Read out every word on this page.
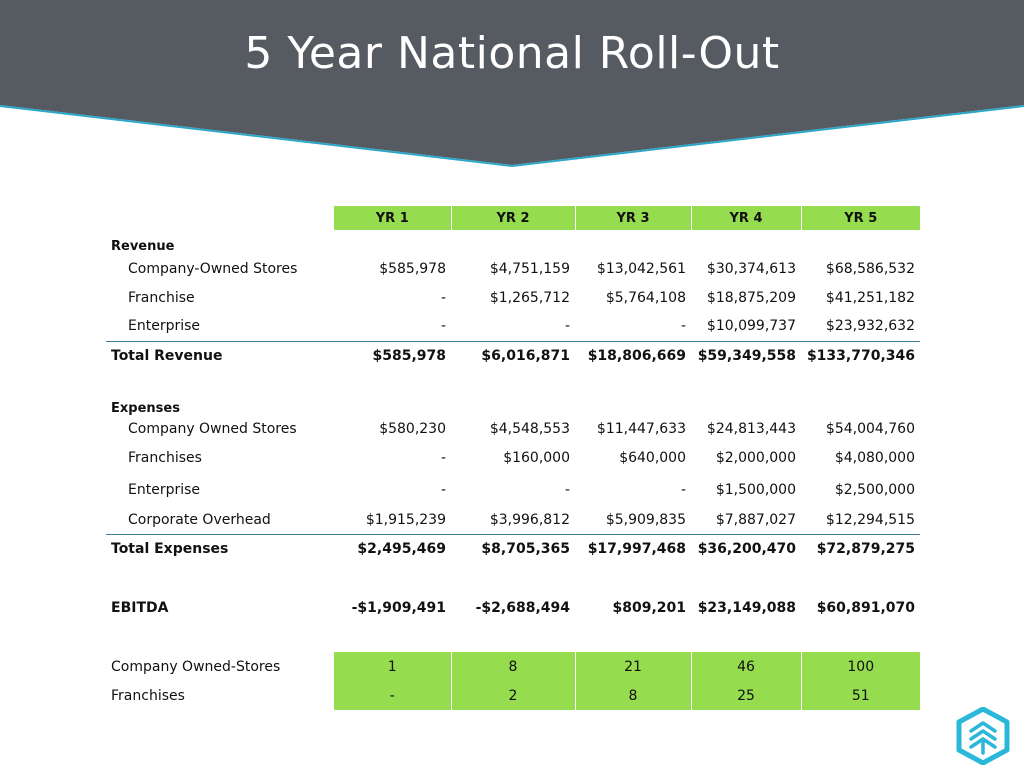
5 Year National Roll-Out
	YR 1	YR 2	YR 3	YR 4	YR 5
Revenue					
Company-Owned Stores	$585,978	$4,751,159	$13,042,561	$30,374,613	$68,586,532
Franchise	-	$1,265,712	$5,764,108	$18,875,209	$41,251,182
Enterprise	-	-	-	$10,099,737	$23,932,632
Total Revenue	$585,978	$6,016,871	$18,806,669	$59,349,558	$133,770,346

Expenses					
Company Owned Stores	$580,230	$4,548,553	$11,447,633	$24,813,443	$54,004,760
Franchises	-	$160,000	$640,000	$2,000,000	$4,080,000
Enterprise	-	-	-	$1,500,000	$2,500,000
Corporate Overhead	$1,915,239	$3,996,812	$5,909,835	$7,887,027	$12,294,515
Total Expenses	$2,495,469	$8,705,365	$17,997,468	$36,200,470	$72,879,275

EBITDA	-$1,909,491	-$2,688,494	$809,201	$23,149,088	$60,891,070

Company Owned-Stores	1	8	21	46	100
Franchises	-	2	8	25	51
